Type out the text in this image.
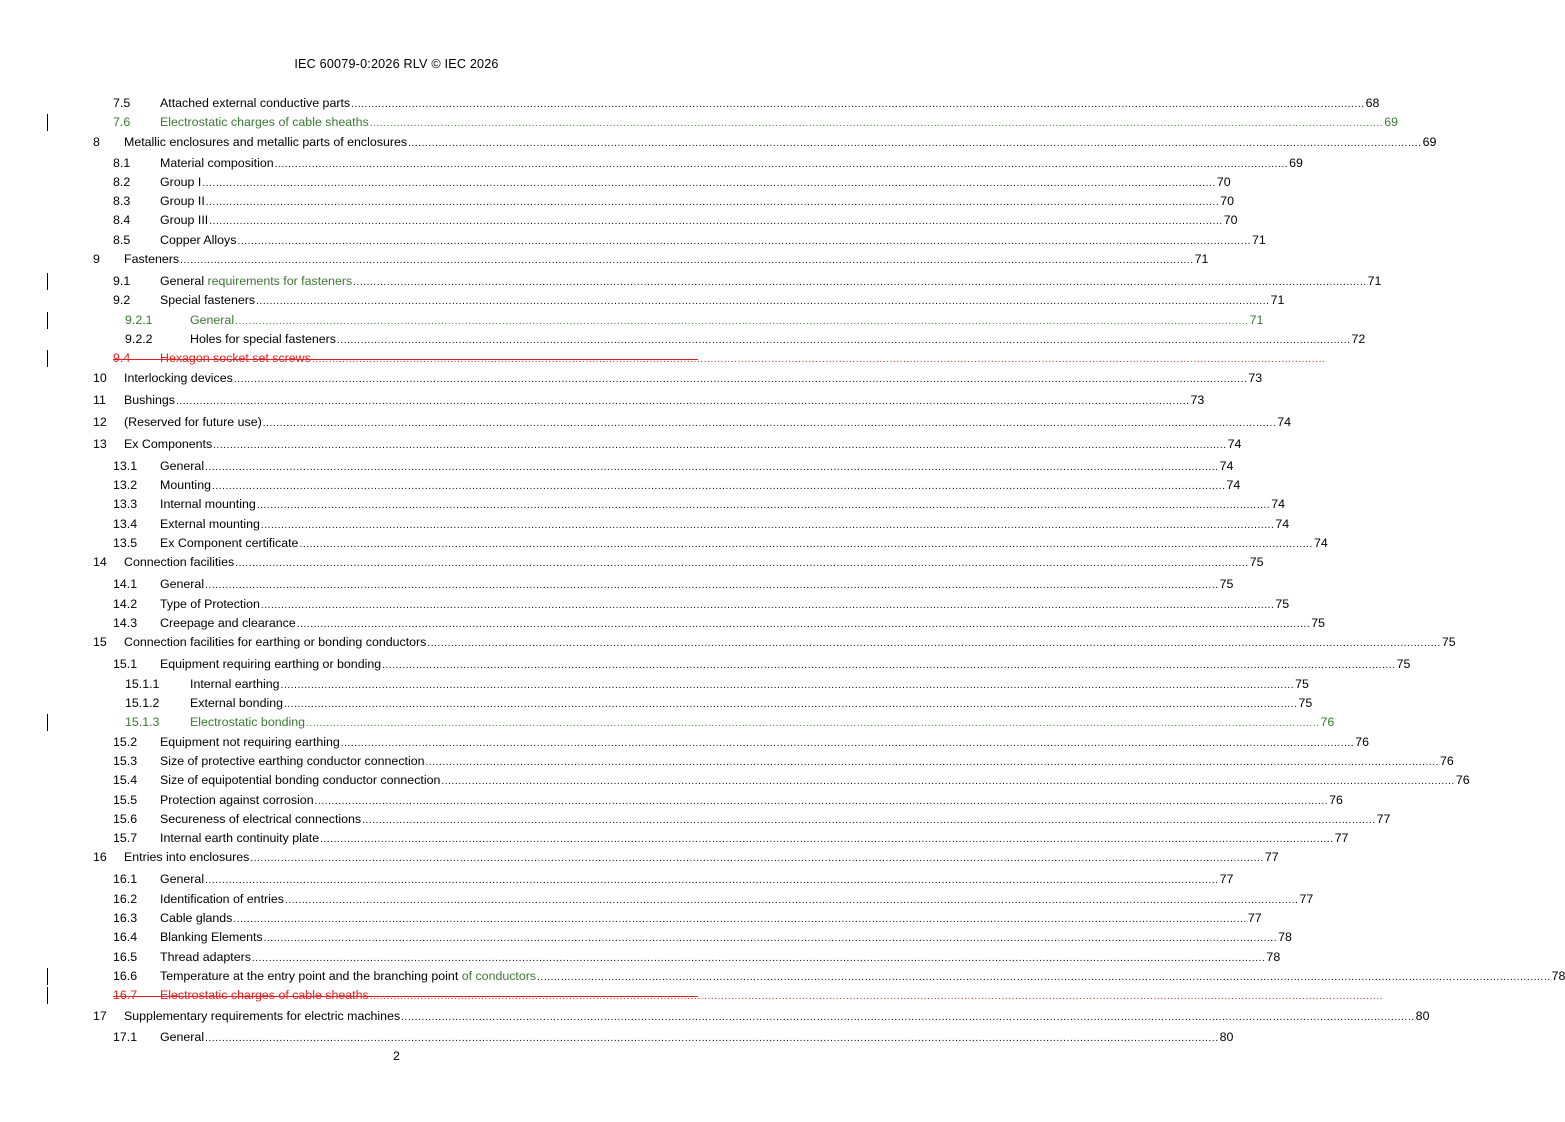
IEC 60079-0:2026 RLV © IEC 2026
7.5 Attached external conductive parts ............................................................................................................................................................................................................................................................................................................ 68
7.6 Electrostatic charges of cable sheaths ............................................................................................................................................................................................................................................................................................................ 69
8 Metallic enclosures and metallic parts of enclosures ............................................................................................................................................................................................................................................................................................................ 69
8.1 Material composition ............................................................................................................................................................................................................................................................................................................ 69
8.2 Group I ............................................................................................................................................................................................................................................................................................................ 70
8.3 Group II ............................................................................................................................................................................................................................................................................................................ 70
8.4 Group III ............................................................................................................................................................................................................................................................................................................ 70
8.5 Copper Alloys ............................................................................................................................................................................................................................................................................................................ 71
9 Fasteners ............................................................................................................................................................................................................................................................................................................ 71
9.1 General requirements for fasteners ............................................................................................................................................................................................................................................................................................................ 71
9.2 Special fasteners ............................................................................................................................................................................................................................................................................................................ 71
9.2.1	General ............................................................................................................................................................................................................................................................................................................ 71
9.2.2	Holes for special fasteners ............................................................................................................................................................................................................................................................................................................ 72
9.4 Hexagon socket set screws ............................................................................................................................................................................................................................................................................................................
10 Interlocking devices ............................................................................................................................................................................................................................................................................................................ 73
11 Bushings ............................................................................................................................................................................................................................................................................................................ 73
12 (Reserved for future use) ............................................................................................................................................................................................................................................................................................................ 74
13 Ex Components ............................................................................................................................................................................................................................................................................................................ 74
13.1 General ............................................................................................................................................................................................................................................................................................................ 74
13.2 Mounting ............................................................................................................................................................................................................................................................................................................ 74
13.3 Internal mounting ............................................................................................................................................................................................................................................................................................................ 74
13.4 External mounting ............................................................................................................................................................................................................................................................................................................ 74
13.5 Ex Component certificate ............................................................................................................................................................................................................................................................................................................ 74
14 Connection facilities ............................................................................................................................................................................................................................................................................................................ 75
14.1 General ............................................................................................................................................................................................................................................................................................................ 75
14.2 Type of Protection ............................................................................................................................................................................................................................................................................................................ 75
14.3 Creepage and clearance ............................................................................................................................................................................................................................................................................................................ 75
15 Connection facilities for earthing or bonding conductors ............................................................................................................................................................................................................................................................................................................ 75
15.1 Equipment requiring earthing or bonding ............................................................................................................................................................................................................................................................................................................ 75
15.1.1 Internal earthing ............................................................................................................................................................................................................................................................................................................ 75
15.1.2 External bonding ............................................................................................................................................................................................................................................................................................................ 75
15.1.3 Electrostatic bonding ............................................................................................................................................................................................................................................................................................................ 76
15.2 Equipment not requiring earthing ............................................................................................................................................................................................................................................................................................................ 76
15.3 Size of protective earthing conductor connection ............................................................................................................................................................................................................................................................................................................ 76
15.4 Size of equipotential bonding conductor connection ............................................................................................................................................................................................................................................................................................................ 76
15.5 Protection against corrosion ............................................................................................................................................................................................................................................................................................................ 76
15.6 Secureness of electrical connections ............................................................................................................................................................................................................................................................................................................ 77
15.7 Internal earth continuity plate ............................................................................................................................................................................................................................................................................................................ 77
16 Entries into enclosures ............................................................................................................................................................................................................................................................................................................ 77
16.1 General ............................................................................................................................................................................................................................................................................................................ 77
16.2 Identification of entries ............................................................................................................................................................................................................................................................................................................ 77
16.3 Cable glands ............................................................................................................................................................................................................................................................................................................ 77
16.4 Blanking Elements ............................................................................................................................................................................................................................................................................................................ 78
16.5 Thread adapters ............................................................................................................................................................................................................................................................................................................ 78
16.6 Temperature at the entry point and the branching point of conductors ............................................................................................................................................................................................................................................................................................................ 78
16.7 Electrostatic charges of cable sheaths ............................................................................................................................................................................................................................................................................................................
17 Supplementary requirements for electric machines ............................................................................................................................................................................................................................................................................................................ 80
17.1 General ............................................................................................................................................................................................................................................................................................................ 80
2
